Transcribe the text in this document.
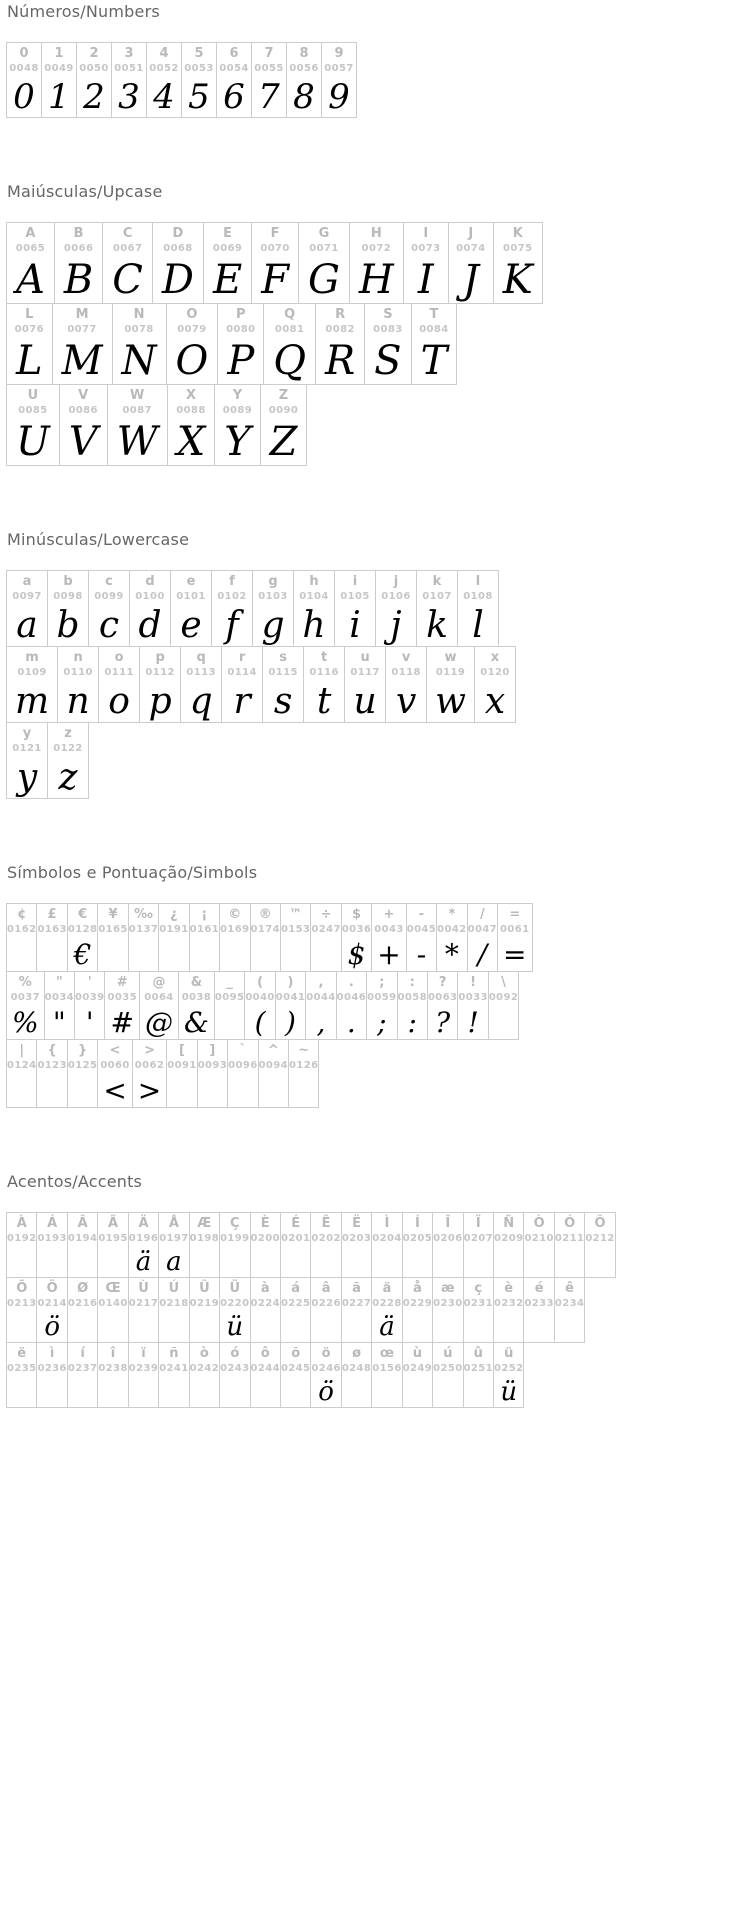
Números/Numbers
0
0048
0
1
0049
1
2
0050
2
3
0051
3
4
0052
4
5
0053
5
6
0054
6
7
0055
7
8
0056
8
9
0057
9
Maiúsculas/Upcase
A
0065
A
B
0066
B
C
0067
C
D
0068
D
E
0069
E
F
0070
F
G
0071
G
H
0072
H
I
0073
I
J
0074
J
K
0075
K
L
0076
L
M
0077
M
N
0078
N
O
0079
O
P
0080
P
Q
0081
Q
R
0082
R
S
0083
S
T
0084
T
U
0085
U
V
0086
V
W
0087
W
X
0088
X
Y
0089
Y
Z
0090
Z
Minúsculas/Lowercase
a
0097
a
b
0098
b
c
0099
c
d
0100
d
e
0101
e
f
0102
f
g
0103
g
h
0104
h
i
0105
i
j
0106
j
k
0107
k
l
0108
l
m
0109
m
n
0110
n
o
0111
o
p
0112
p
q
0113
q
r
0114
r
s
0115
s
t
0116
t
u
0117
u
v
0118
v
w
0119
w
x
0120
x
y
0121
y
z
0122
z
Símbolos e Pontuação/Simbols
¢
0162
£
0163
€
0128
€
¥
0165
‰
0137
¿
0191
¡
0161
©
0169
®
0174
™
0153
÷
0247
$
0036
$
+
0043
+
-
0045
-
*
0042
*
/
0047
/
=
0061
=
%
0037
%
"
0034
"
'
0039
'
#
0035
#
@
0064
@
&
0038
&
_
0095
(
0040
(
)
0041
)
,
0044
,
.
0046
.
;
0059
;
:
0058
:
?
0063
?
!
0033
!
\
0092
|
0124
{
0123
}
0125
<
0060
<
>
0062
>
[
0091
]
0093
`
0096
^
0094
~
0126
Acentos/Accents
À
0192
Á
0193
Â
0194
Ã
0195
Ä
0196
ä
Å
0197
a
Æ
0198
Ç
0199
È
0200
É
0201
Ê
0202
Ë
0203
Ì
0204
Í
0205
Î
0206
Ï
0207
Ñ
0209
Ò
0210
Ó
0211
Ô
0212
Õ
0213
Ö
0214
ö
Ø
0216
Œ
0140
Ù
0217
Ú
0218
Û
0219
Ü
0220
ü
à
0224
á
0225
â
0226
ã
0227
ä
0228
ä
å
0229
æ
0230
ç
0231
è
0232
é
0233
ê
0234
ë
0235
ì
0236
í
0237
î
0238
ï
0239
ñ
0241
ò
0242
ó
0243
ô
0244
õ
0245
ö
0246
ö
ø
0248
œ
0156
ù
0249
ú
0250
û
0251
ü
0252
ü
